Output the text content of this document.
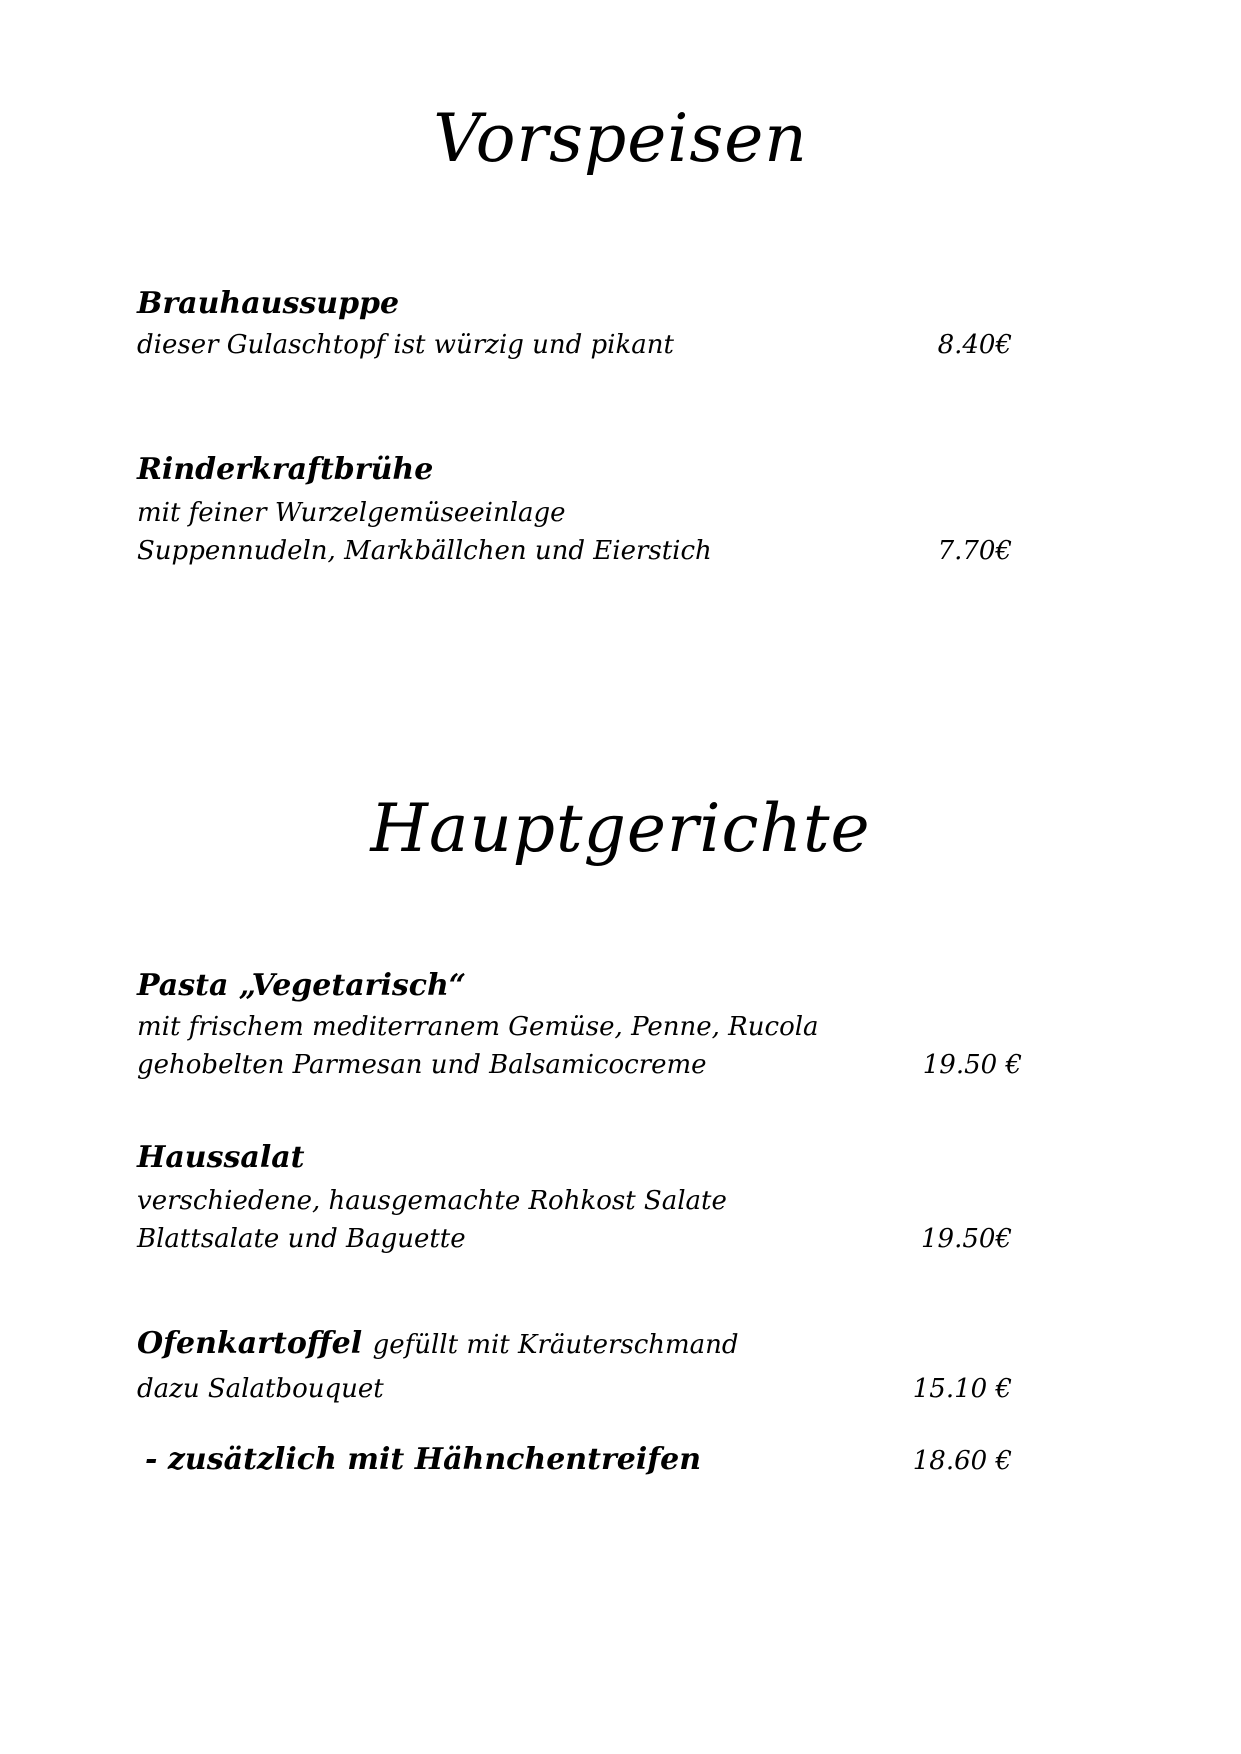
Vorspeisen
Brauhaussuppe
dieser Gulaschtopf ist würzig und pikant	8.40€
Rinderkraftbrühe
mit feiner Wurzelgemüseeinlage
Suppennudeln, Markbällchen und Eierstich	7.70€
Hauptgerichte
Pasta „Vegetarisch“
mit frischem mediterranem Gemüse, Penne, Rucola
gehobelten Parmesan und Balsamicocreme	19.50 €
Haussalat
verschiedene, hausgemachte Rohkost Salate
Blattsalate und Baguette	19.50€
Ofenkartoffel gefüllt mit Kräuterschmand
dazu Salatbouquet	15.10 €
- zusätzlich mit Hähnchentreifen	18.60 €
